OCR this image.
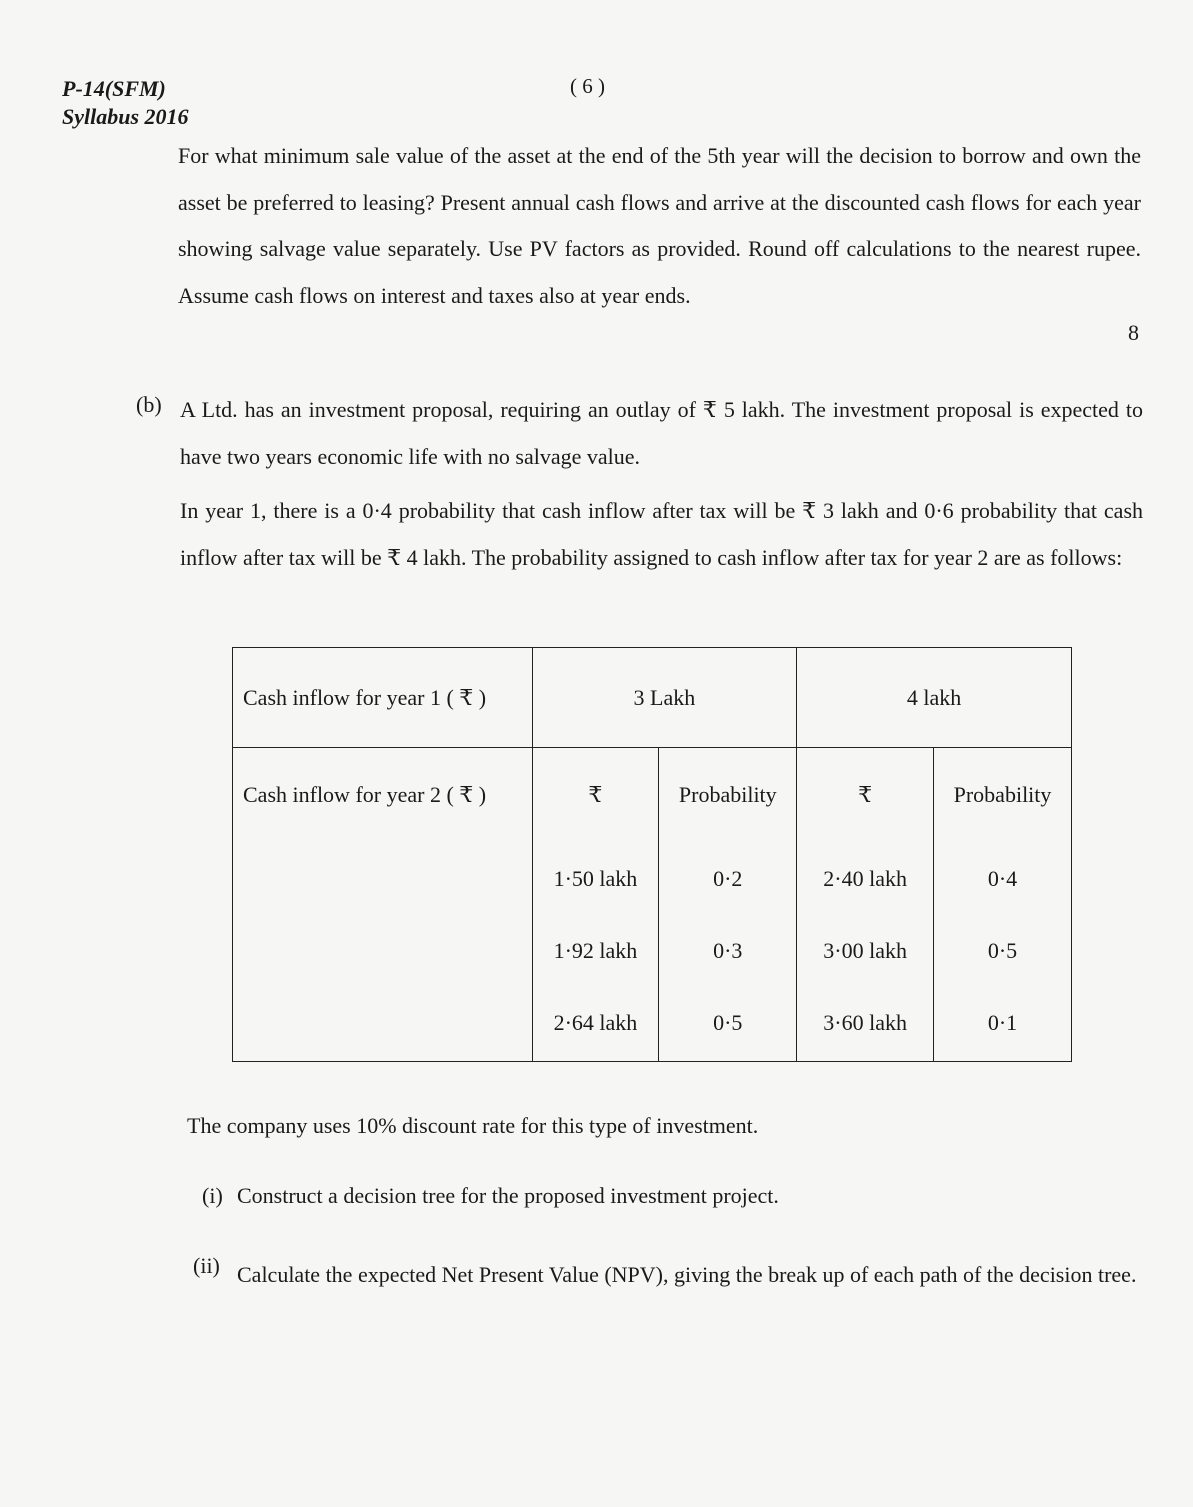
P-14(SFM)
Syllabus 2016
( 6 )
For what minimum sale value of the asset at the end of the 5th year will the decision to borrow and own the asset be preferred to leasing? Present annual cash flows and arrive at the discounted cash flows for each year showing salvage value separately. Use PV factors as provided. Round off calculations to the nearest rupee. Assume cash flows on interest and taxes also at year ends.
8
(b) A Ltd. has an investment proposal, requiring an outlay of ₹ 5 lakh. The investment proposal is expected to have two years economic life with no salvage value.
In year 1, there is a 0·4 probability that cash inflow after tax will be ₹ 3 lakh and 0·6 probability that cash inflow after tax will be ₹ 4 lakh. The probability assigned to cash inflow after tax for year 2 are as follows:
Cash inflow for year 1 ( ₹ )	3 Lakh		4 lakh	
Cash inflow for year 2 ( ₹ )	₹	Probability	₹	Probability
	1·50 lakh	0·2	2·40 lakh	0·4
	1·92 lakh	0·3	3·00 lakh	0·5
	2·64 lakh	0·5	3·60 lakh	0·1
The company uses 10% discount rate for this type of investment.
(i) Construct a decision tree for the proposed investment project.
(ii) Calculate the expected Net Present Value (NPV), giving the break up of each path of the decision tree.
